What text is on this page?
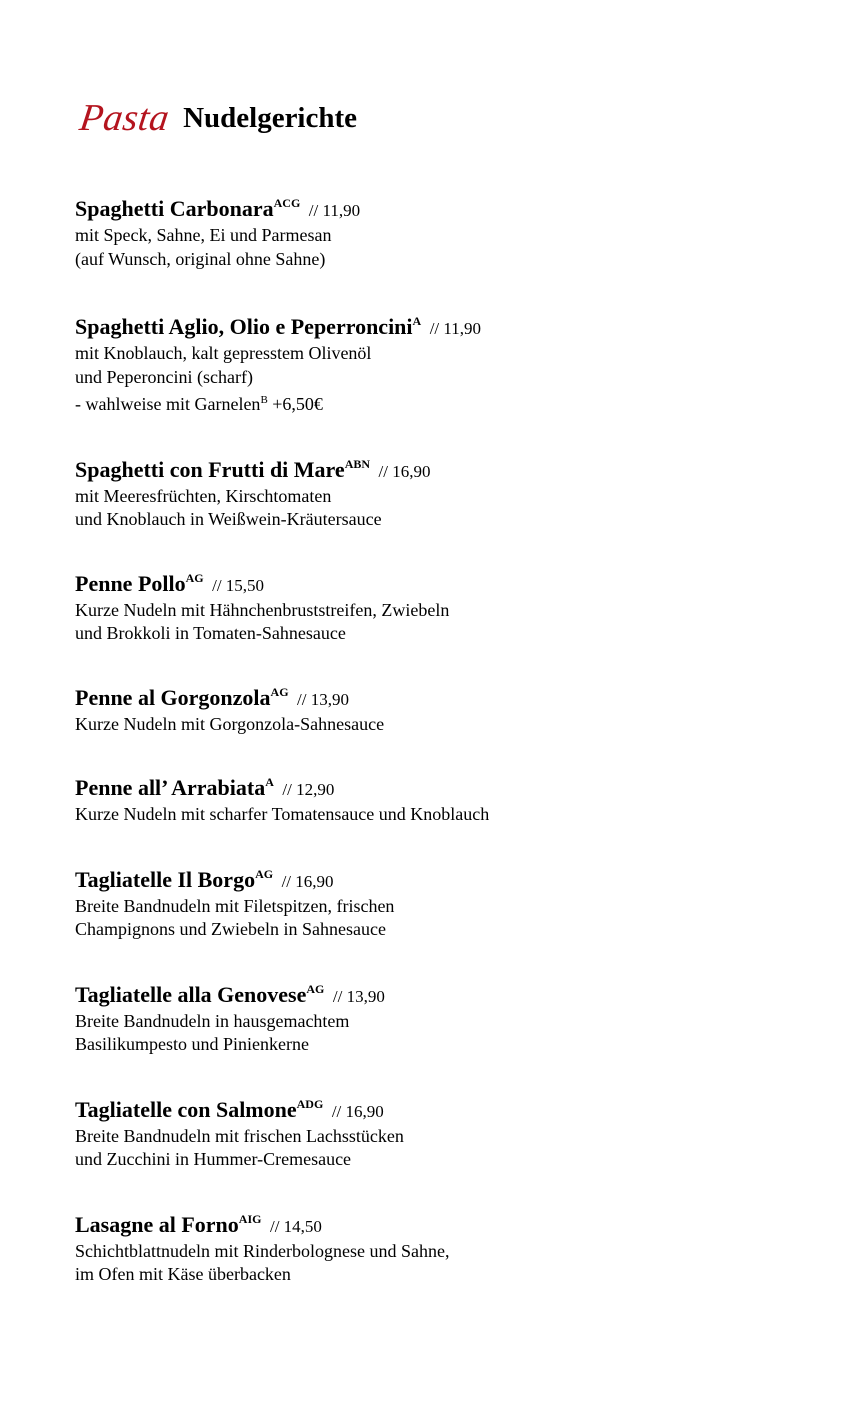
Pasta Nudelgerichte
Spaghetti Carbonara$^{ACG}$ // 11,90
mit Speck, Sahne, Ei und Parmesan
(auf Wunsch, original ohne Sahne)
Spaghetti Aglio, Olio e Peperroncini$^A$ // 11,90
mit Knoblauch, kalt gepresstem Olivenöl
und Peperoncini (scharf)
- wahlweise mit Garnelen$^B$ +6,50€
Spaghetti con Frutti di Mare$^{ABN}$ // 16,90
mit Meeresfrüchten, Kirschtomaten
und Knoblauch in Weißwein-Kräutersauce
Penne Pollo$^{AG}$ // 15,50
Kurze Nudeln mit Hähnchenbruststreifen, Zwiebeln
und Brokkoli in Tomaten-Sahnesauce
Penne al Gorgonzola$^{AG}$ // 13,90
Kurze Nudeln mit Gorgonzola-Sahnesauce
Penne all’ Arrabiata$^A$ // 12,90
Kurze Nudeln mit scharfer Tomatensauce und Knoblauch
Tagliatelle Il Borgo$^{AG}$ // 16,90
Breite Bandnudeln mit Filetspitzen, frischen
Champignons und Zwiebeln in Sahnesauce
Tagliatelle alla Genovese$^{AG}$ // 13,90
Breite Bandnudeln in hausgemachtem
Basilikumpesto und Pinienkerne
Tagliatelle con Salmone$^{ADG}$ // 16,90
Breite Bandnudeln mit frischen Lachsstücken
und Zucchini in Hummer-Cremesauce
Lasagne al Forno$^{AIG}$ // 14,50
Schichtblattnudeln mit Rinderbolognese und Sahne,
im Ofen mit Käse überbacken
